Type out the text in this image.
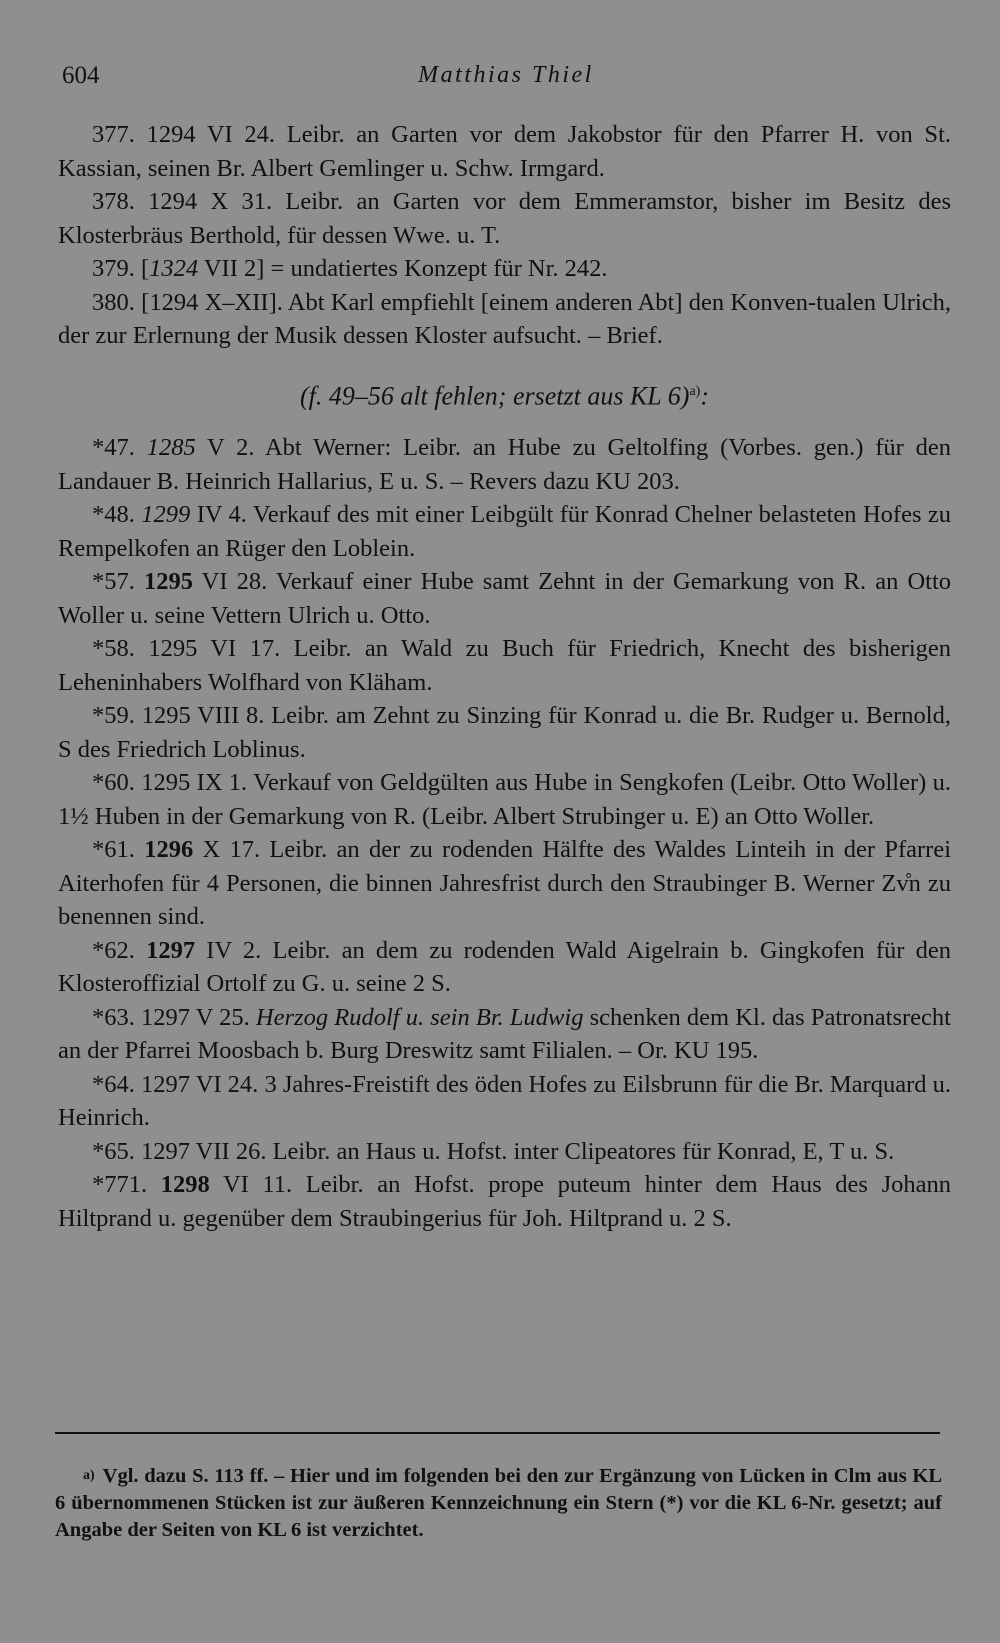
604	Matthias Thiel

377. 1294 VI 24. Leibr. an Garten vor dem Jakobstor für den Pfarrer H. von St. Kassian, seinen Br. Albert Gemlinger u. Schw. Irmgard.

378. 1294 X 31. Leibr. an Garten vor dem Emmeramstor, bisher im Besitz des Klosterbräus Berthold, für dessen Wwe. u. T.

379. [1324 VII 2] = undatiertes Konzept für Nr. 242.

380. [1294 X–XII]. Abt Karl empfiehlt [einem anderen Abt] den Konven-tualen Ulrich, der zur Erlernung der Musik dessen Kloster aufsucht. – Brief.

(f. 49–56 alt fehlen; ersetzt aus KL 6)$^{a)}$:

*47. 1285 V 2. Abt Werner: Leibr. an Hube zu Geltolfing (Vorbes. gen.) für den Landauer B. Heinrich Hallarius, E u. S. – Revers dazu KU 203.

*48. 1299 IV 4. Verkauf des mit einer Leibgült für Konrad Chelner belasteten Hofes zu Rempelkofen an Rüger den Loblein.

*57. 1295 VI 28. Verkauf einer Hube samt Zehnt in der Gemarkung von R. an Otto Woller u. seine Vettern Ulrich u. Otto.

*58. 1295 VI 17. Leibr. an Wald zu Buch für Friedrich, Knecht des bisherigen Leheninhabers Wolfhard von Kläham.

*59. 1295 VIII 8. Leibr. am Zehnt zu Sinzing für Konrad u. die Br. Rudger u. Bernold, S des Friedrich Loblinus.

*60. 1295 IX 1. Verkauf von Geldgülten aus Hube in Sengkofen (Leibr. Otto Woller) u. 1½ Huben in der Gemarkung von R. (Leibr. Albert Strubinger u. E) an Otto Woller.

*61. 1296 X 17. Leibr. an der zu rodenden Hälfte des Waldes Linteih in der Pfarrei Aiterhofen für 4 Personen, die binnen Jahresfrist durch den Straubinger B. Werner Zv̊n zu benennen sind.

*62. 1297 IV 2. Leibr. an dem zu rodenden Wald Aigelrain b. Gingkofen für den Klosteroffizial Ortolf zu G. u. seine 2 S.

*63. 1297 V 25. Herzog Rudolf u. sein Br. Ludwig schenken dem Kl. das Patronatsrecht an der Pfarrei Moosbach b. Burg Dreswitz samt Filialen. – Or. KU 195.

*64. 1297 VI 24. 3 Jahres-Freistift des öden Hofes zu Eilsbrunn für die Br. Marquard u. Heinrich.

*65. 1297 VII 26. Leibr. an Haus u. Hofst. inter Clipeatores für Konrad, E, T u. S.

*771. 1298 VI 11. Leibr. an Hofst. prope puteum hinter dem Haus des Johann Hiltprand u. gegenüber dem Straubingerius für Joh. Hiltprand u. 2 S.

a) Vgl. dazu S. 113 ff. – Hier und im folgenden bei den zur Ergänzung von Lücken in Clm aus KL 6 übernommenen Stücken ist zur äußeren Kennzeichnung ein Stern (*) vor die KL 6-Nr. gesetzt; auf Angabe der Seiten von KL 6 ist verzichtet.
